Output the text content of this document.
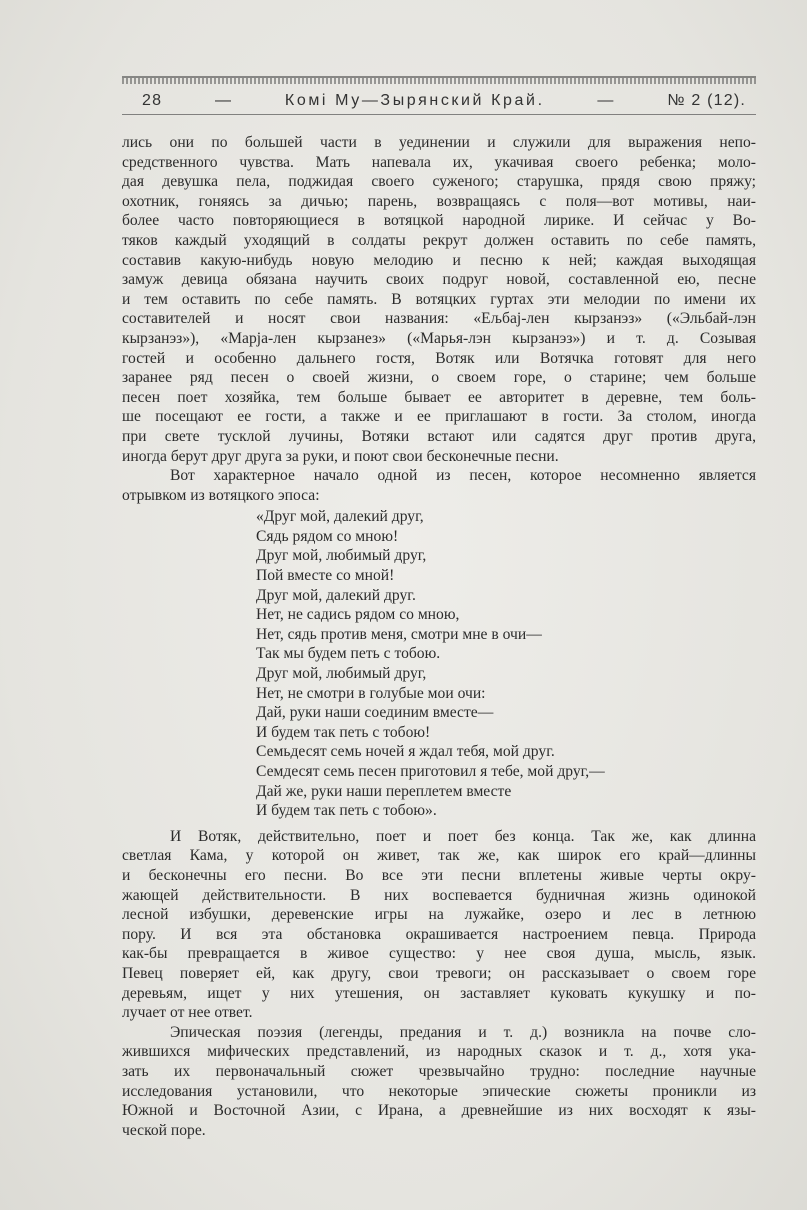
28	—	Комі Му—Зырянский Край.	—	№ 2 (12).
лись они по большей части в уединении и служили для выражения непо-
средственного чувства. Мать напевала их, укачивая своего ребенка; моло-
дая девушка пела, поджидая своего суженого; старушка, прядя свою пряжу;
охотник, гоняясь за дичью; парень, возвращаясь с поля—вот мотивы, наи-
более часто повторяющиеся в вотяцкой народной лирике. И сейчас у Во-
тяков каждый уходящий в солдаты рекрут должен оставить по себе память,
составив какую-нибудь новую мелодию и песню к ней; каждая выходящая
замуж девица обязана научить своих подруг новой, составленной ею, песне
и тем оставить по себе память. В вотяцких гуртах эти мелодии по имени их
составителей и носят свои названия: «Ељбај-лен кырзанэз» («Эльбай-лэн
кырзанэз»), «Марја-лен кырзанез» («Марья-лэн кырзанэз») и т. д. Созывая
гостей и особенно дальнего гостя, Вотяк или Вотячка готовят для него
заранее ряд песен о своей жизни, о своем горе, о старине; чем больше
песен поет хозяйка, тем больше бывает ее авторитет в деревне, тем боль-
ше посещают ее гости, а также и ее приглашают в гости. За столом, иногда
при свете тусклой лучины, Вотяки встают или садятся друг против друга,
иногда берут друг друга за руки, и поют свои бесконечные песни.
Вот характерное начало одной из песен, которое несомненно является
отрывком из вотяцкого эпоса:
«Друг мой, далекий друг,
Сядь рядом со мною!
Друг мой, любимый друг,
Пой вместе со мной!
Друг мой, далекий друг.
Нет, не садись рядом со мною,
Нет, сядь против меня, смотри мне в очи—
Так мы будем петь с тобою.
Друг мой, любимый друг,
Нет, не смотри в голубые мои очи:
Дай, руки наши соединим вместе—
И будем так петь с тобою!
Семьдесят семь ночей я ждал тебя, мой друг.
Семдесят семь песен приготовил я тебе, мой друг,—
Дай же, руки наши переплетем вместе
И будем так петь с тобою».
И Вотяк, действительно, поет и поет без конца. Так же, как длинна
светлая Кама, у которой он живет, так же, как широк его край—длинны
и бесконечны его песни. Во все эти песни вплетены живые черты окру-
жающей действительности. В них воспевается будничная жизнь одинокой
лесной избушки, деревенские игры на лужайке, озеро и лес в летнюю
пору. И вся эта обстановка окрашивается настроением певца. Природа
как-бы превращается в живое существо: у нее своя душа, мысль, язык.
Певец поверяет ей, как другу, свои тревоги; он рассказывает о своем горе
деревьям, ищет у них утешения, он заставляет куковать кукушку и по-
лучает от нее ответ.
Эпическая поэзия (легенды, предания и т. д.) возникла на почве сло-
жившихся мифических представлений, из народных сказок и т. д., хотя ука-
зать их первоначальный сюжет чрезвычайно трудно: последние научные
исследования установили, что некоторые эпические сюжеты проникли из
Южной и Восточной Азии, с Ирана, а древнейшие из них восходят к язы-
ческой поре.
